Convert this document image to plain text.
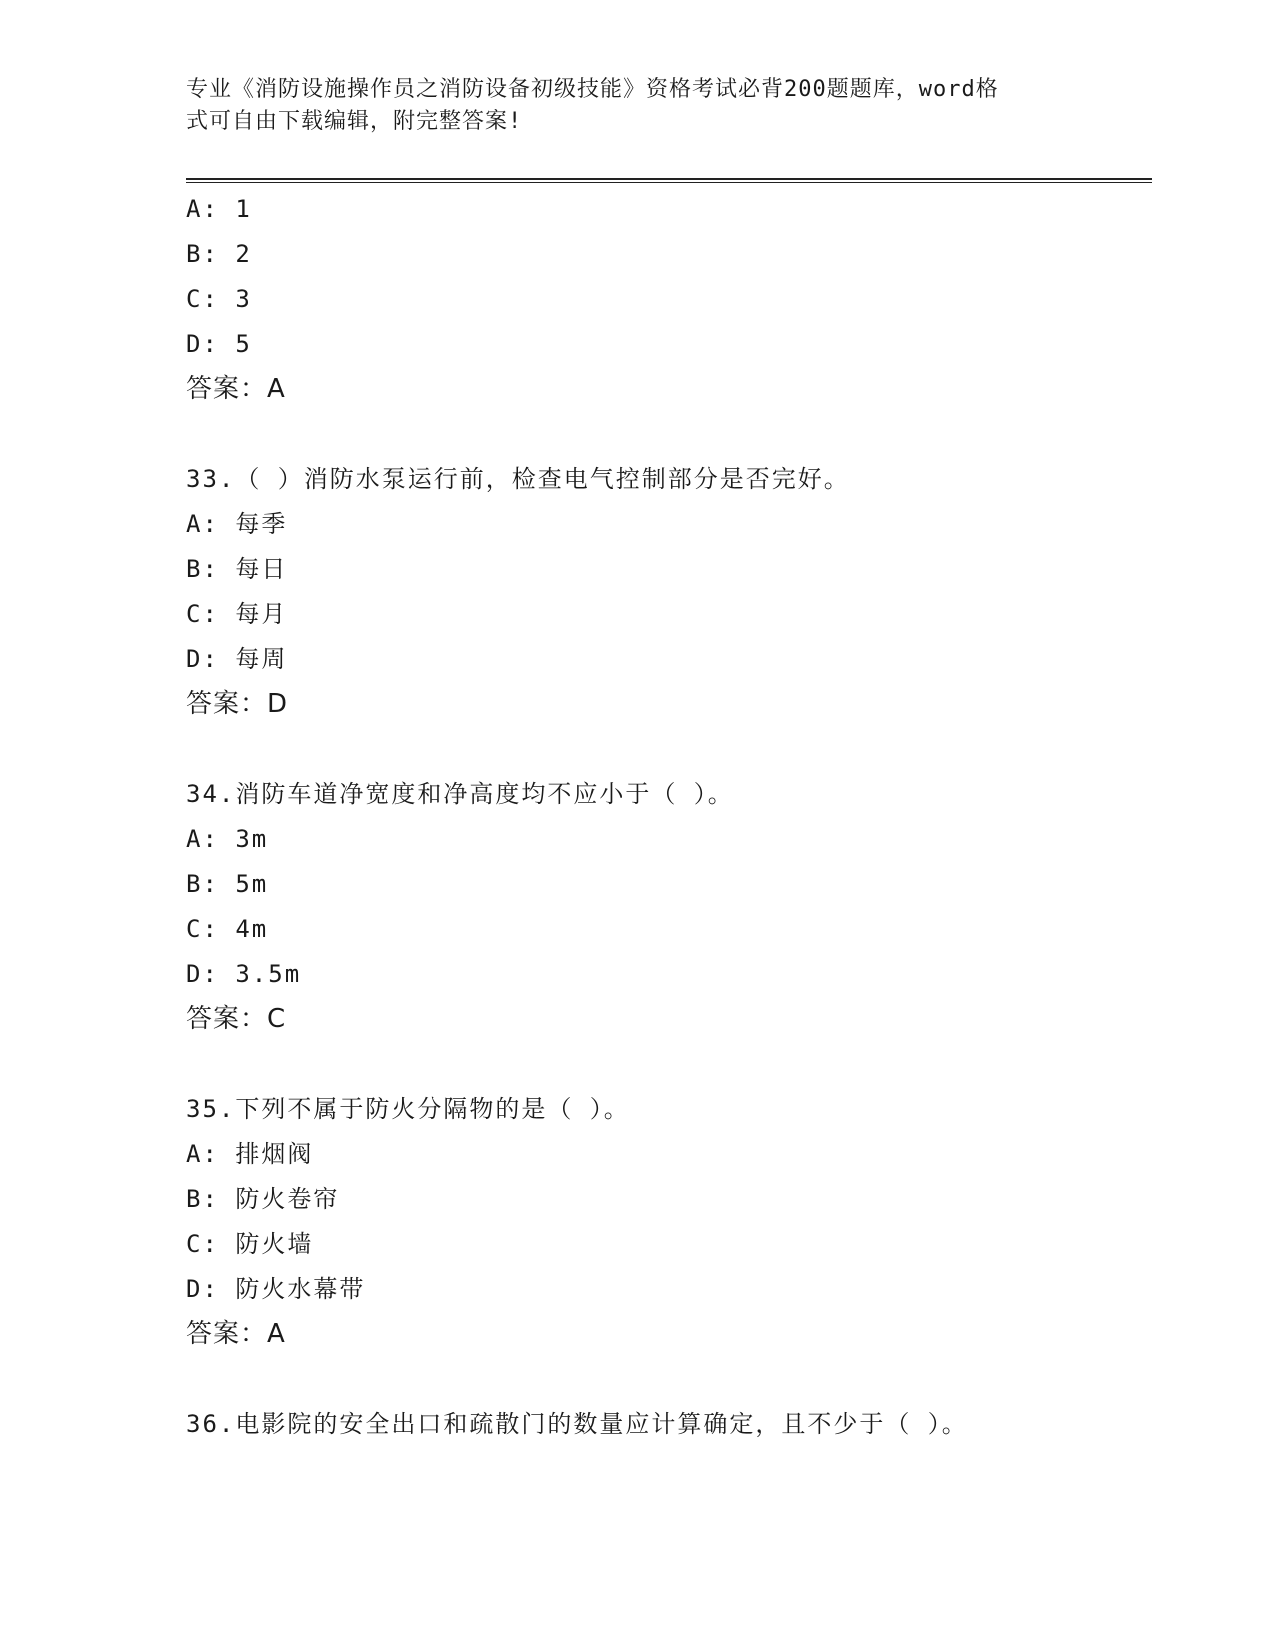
专业《消防设施操作员之消防设备初级技能》资格考试必背200题题库，word格
式可自由下载编辑，附完整答案!
A: 1
B: 2
C: 3
D: 5
答案：A
33.（ ）消防水泵运行前，检查电气控制部分是否完好。
A: 每季
B: 每日
C: 每月
D: 每周
答案：D
34.消防车道净宽度和净高度均不应小于（ ）。
A: 3m
B: 5m
C: 4m
D: 3.5m
答案：C
35.下列不属于防火分隔物的是（ ）。
A: 排烟阀
B: 防火卷帘
C: 防火墙
D: 防火水幕带
答案：A
36.电影院的安全出口和疏散门的数量应计算确定，且不少于（ ）。
